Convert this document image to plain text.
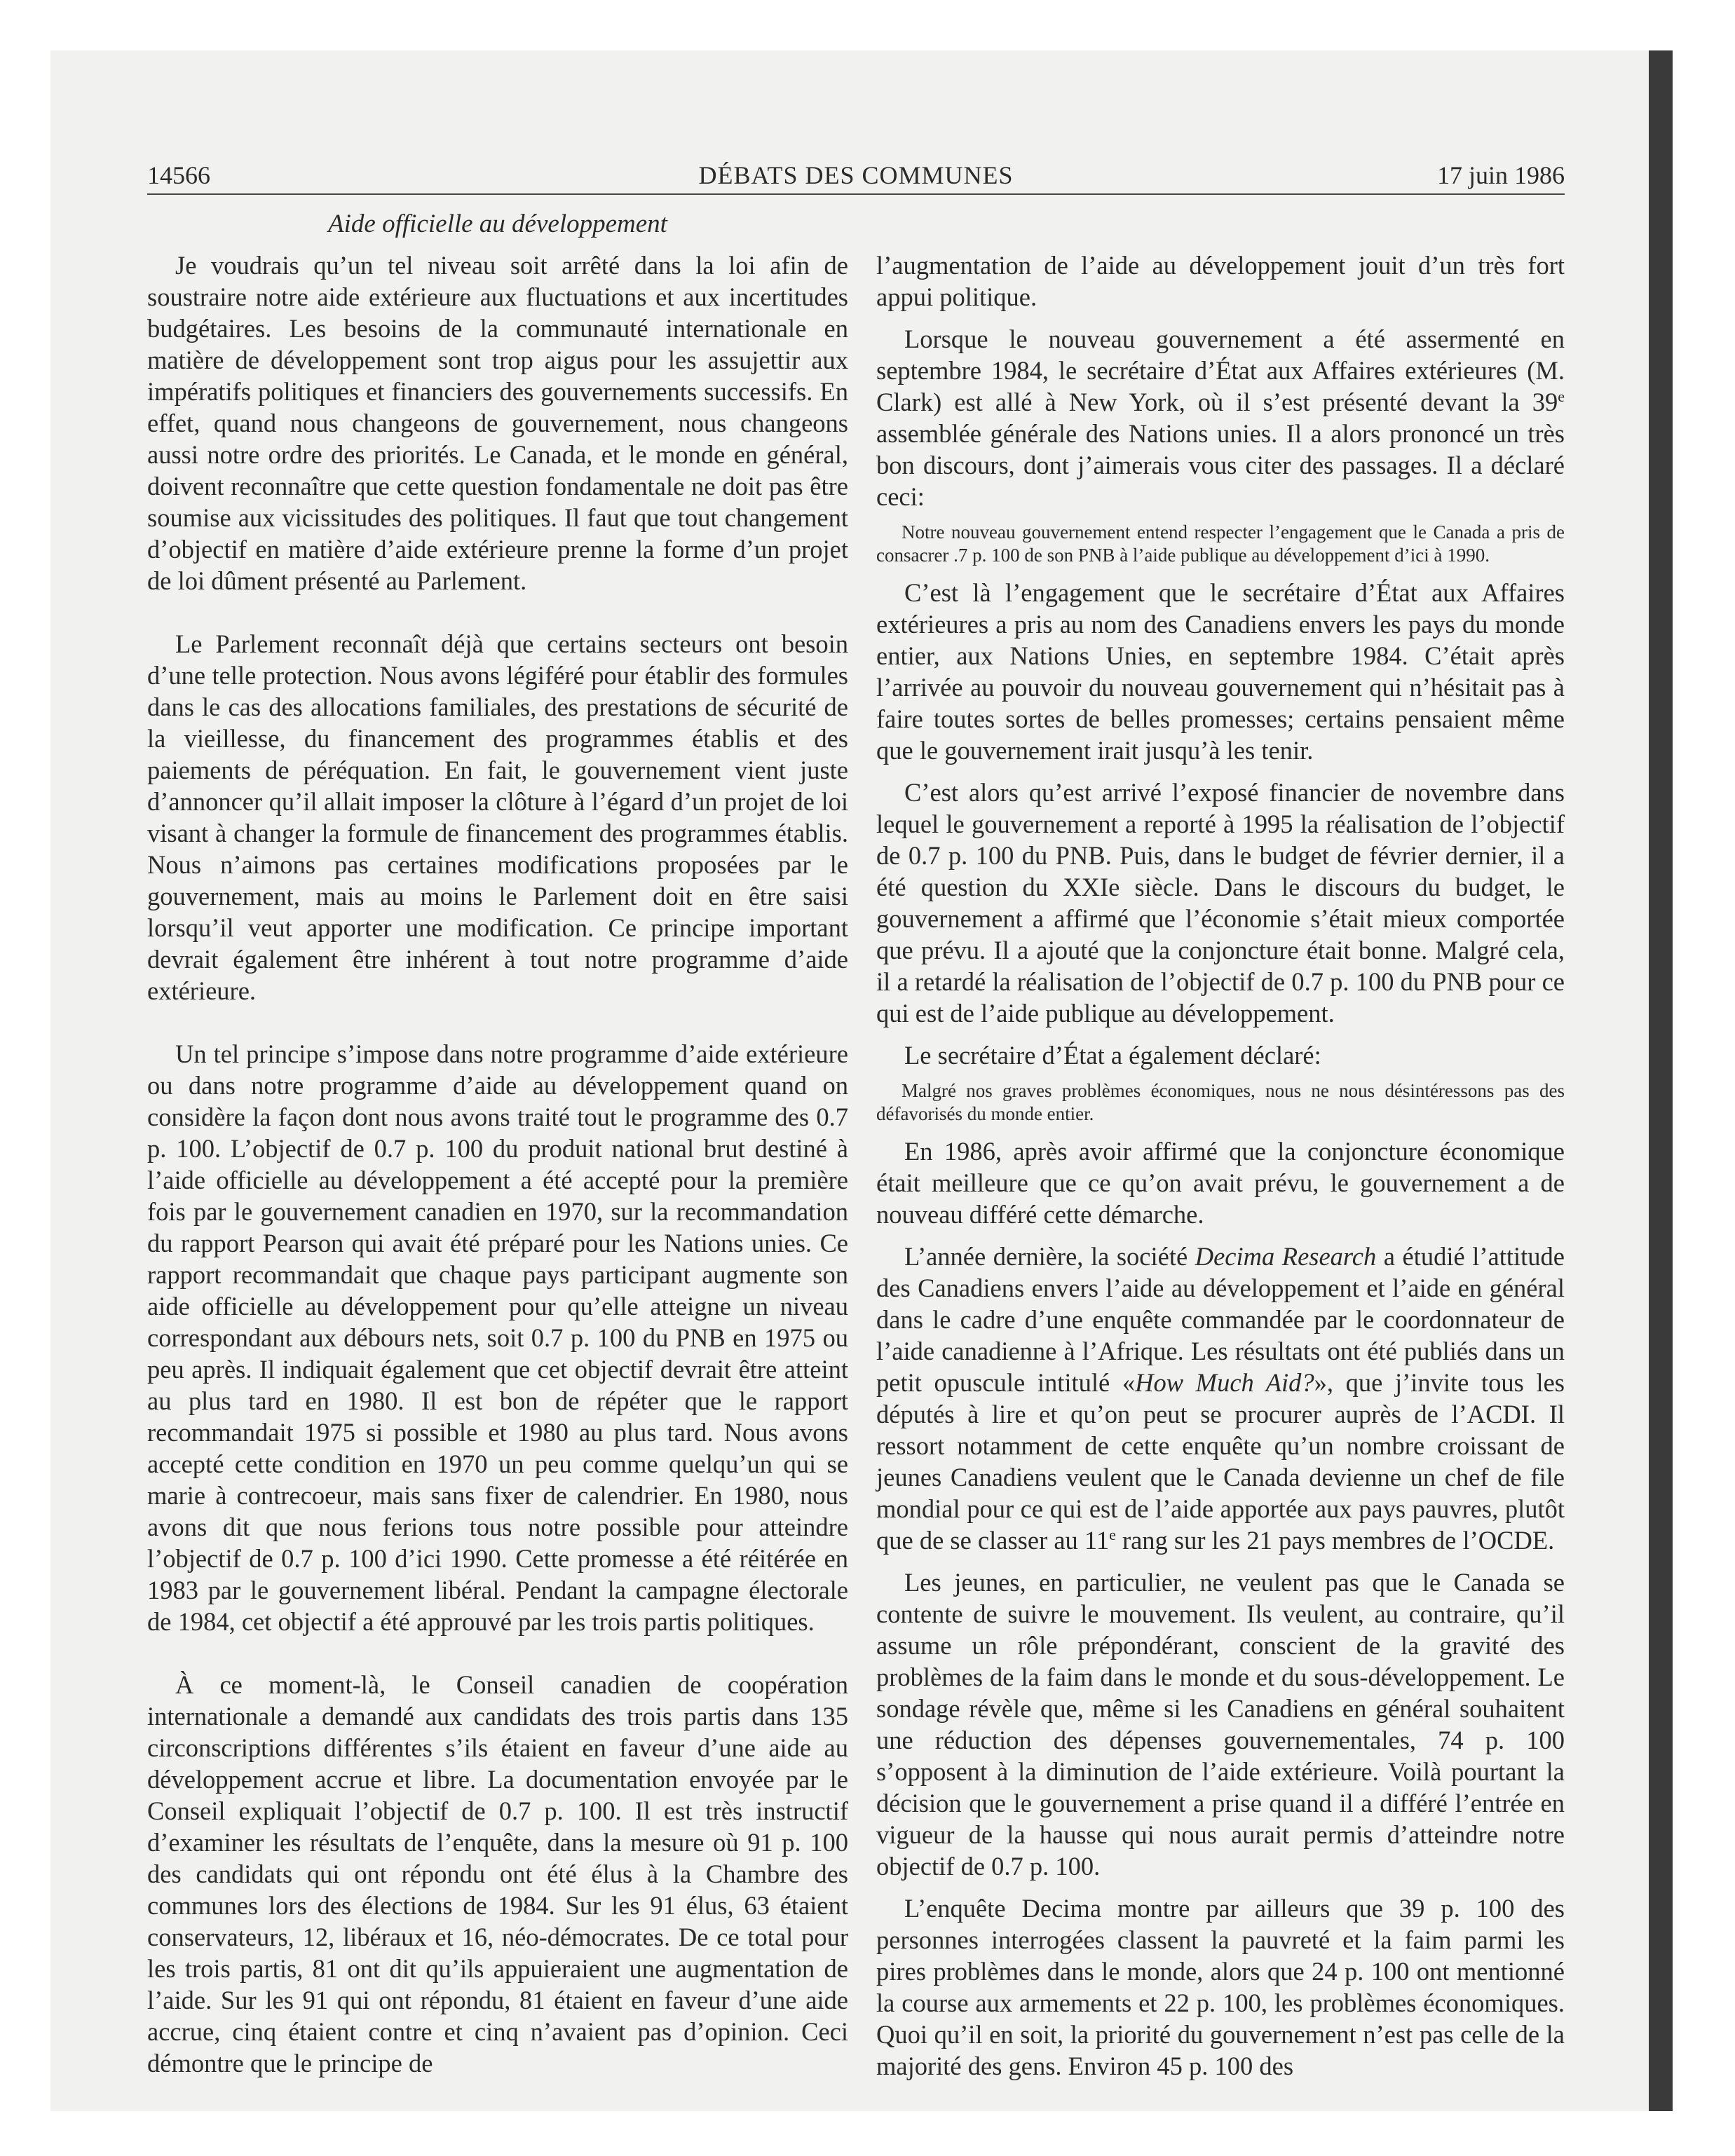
14566	DÉBATS DES COMMUNES	17 juin 1986
Aide officielle au développement

Je voudrais qu’un tel niveau soit arrêté dans la loi afin de soustraire notre aide extérieure aux fluctuations et aux incertitudes budgétaires. Les besoins de la communauté internationale en matière de développement sont trop aigus pour les assujettir aux impératifs politiques et financiers des gouvernements successifs. En effet, quand nous changeons de gouvernement, nous changeons aussi notre ordre des priorités. Le Canada, et le monde en général, doivent reconnaître que cette question fondamentale ne doit pas être soumise aux vicissitudes des politiques. Il faut que tout changement d’objectif en matière d’aide extérieure prenne la forme d’un projet de loi dûment présenté au Parlement.

Le Parlement reconnaît déjà que certains secteurs ont besoin d’une telle protection. Nous avons légiféré pour établir des formules dans le cas des allocations familiales, des prestations de sécurité de la vieillesse, du financement des programmes établis et des paiements de péréquation. En fait, le gouvernement vient juste d’annoncer qu’il allait imposer la clôture à l’égard d’un projet de loi visant à changer la formule de financement des programmes établis. Nous n’aimons pas certaines modifications proposées par le gouvernement, mais au moins le Parlement doit en être saisi lorsqu’il veut apporter une modification. Ce principe important devrait également être inhérent à tout notre programme d’aide extérieure.

Un tel principe s’impose dans notre programme d’aide extérieure ou dans notre programme d’aide au développement quand on considère la façon dont nous avons traité tout le programme des 0.7 p. 100. L’objectif de 0.7 p. 100 du produit national brut destiné à l’aide officielle au développement a été accepté pour la première fois par le gouvernement canadien en 1970, sur la recommandation du rapport Pearson qui avait été préparé pour les Nations unies. Ce rapport recommandait que chaque pays participant augmente son aide officielle au développement pour qu’elle atteigne un niveau correspondant aux débours nets, soit 0.7 p. 100 du PNB en 1975 ou peu après. Il indiquait également que cet objectif devrait être atteint au plus tard en 1980. Il est bon de répéter que le rapport recommandait 1975 si possible et 1980 au plus tard. Nous avons accepté cette condition en 1970 un peu comme quelqu’un qui se marie à contrecoeur, mais sans fixer de calendrier. En 1980, nous avons dit que nous ferions tous notre possible pour atteindre l’objectif de 0.7 p. 100 d’ici 1990. Cette promesse a été réitérée en 1983 par le gouvernement libéral. Pendant la campagne électorale de 1984, cet objectif a été approuvé par les trois partis politiques.

À ce moment-là, le Conseil canadien de coopération internationale a demandé aux candidats des trois partis dans 135 circonscriptions différentes s’ils étaient en faveur d’une aide au développement accrue et libre. La documentation envoyée par le Conseil expliquait l’objectif de 0.7 p. 100. Il est très instructif d’examiner les résultats de l’enquête, dans la mesure où 91 p. 100 des candidats qui ont répondu ont été élus à la Chambre des communes lors des élections de 1984. Sur les 91 élus, 63 étaient conservateurs, 12, libéraux et 16, néo-démocrates. De ce total pour les trois partis, 81 ont dit qu’ils appuieraient une augmentation de l’aide. Sur les 91 qui ont répondu, 81 étaient en faveur d’une aide accrue, cinq étaient contre et cinq n’avaient pas d’opinion. Ceci démontre que le principe de

l’augmentation de l’aide au développement jouit d’un très fort appui politique.

Lorsque le nouveau gouvernement a été assermenté en septembre 1984, le secrétaire d’État aux Affaires extérieures (M. Clark) est allé à New York, où il s’est présenté devant la 39e assemblée générale des Nations unies. Il a alors prononcé un très bon discours, dont j’aimerais vous citer des passages. Il a déclaré ceci:

Notre nouveau gouvernement entend respecter l’engagement que le Canada a pris de consacrer .7 p. 100 de son PNB à l’aide publique au développement d’ici à 1990.

C’est là l’engagement que le secrétaire d’État aux Affaires extérieures a pris au nom des Canadiens envers les pays du monde entier, aux Nations Unies, en septembre 1984. C’était après l’arrivée au pouvoir du nouveau gouvernement qui n’hésitait pas à faire toutes sortes de belles promesses; certains pensaient même que le gouvernement irait jusqu’à les tenir.

C’est alors qu’est arrivé l’exposé financier de novembre dans lequel le gouvernement a reporté à 1995 la réalisation de l’objectif de 0.7 p. 100 du PNB. Puis, dans le budget de février dernier, il a été question du XXIe siècle. Dans le discours du budget, le gouvernement a affirmé que l’économie s’était mieux comportée que prévu. Il a ajouté que la conjoncture était bonne. Malgré cela, il a retardé la réalisation de l’objectif de 0.7 p. 100 du PNB pour ce qui est de l’aide publique au développement.

Le secrétaire d’État a également déclaré:

Malgré nos graves problèmes économiques, nous ne nous désintéressons pas des défavorisés du monde entier.

En 1986, après avoir affirmé que la conjoncture économique était meilleure que ce qu’on avait prévu, le gouvernement a de nouveau différé cette démarche.

L’année dernière, la société Decima Research a étudié l’attitude des Canadiens envers l’aide au développement et l’aide en général dans le cadre d’une enquête commandée par le coordonnateur de l’aide canadienne à l’Afrique. Les résultats ont été publiés dans un petit opuscule intitulé «How Much Aid?», que j’invite tous les députés à lire et qu’on peut se procurer auprès de l’ACDI. Il ressort notamment de cette enquête qu’un nombre croissant de jeunes Canadiens veulent que le Canada devienne un chef de file mondial pour ce qui est de l’aide apportée aux pays pauvres, plutôt que de se classer au 11e rang sur les 21 pays membres de l’OCDE.

Les jeunes, en particulier, ne veulent pas que le Canada se contente de suivre le mouvement. Ils veulent, au contraire, qu’il assume un rôle prépondérant, conscient de la gravité des problèmes de la faim dans le monde et du sous-développement. Le sondage révèle que, même si les Canadiens en général souhaitent une réduction des dépenses gouvernementales, 74 p. 100 s’opposent à la diminution de l’aide extérieure. Voilà pourtant la décision que le gouvernement a prise quand il a différé l’entrée en vigueur de la hausse qui nous aurait permis d’atteindre notre objectif de 0.7 p. 100.

L’enquête Decima montre par ailleurs que 39 p. 100 des personnes interrogées classent la pauvreté et la faim parmi les pires problèmes dans le monde, alors que 24 p. 100 ont mentionné la course aux armements et 22 p. 100, les problèmes économiques. Quoi qu’il en soit, la priorité du gouvernement n’est pas celle de la majorité des gens. Environ 45 p. 100 des
